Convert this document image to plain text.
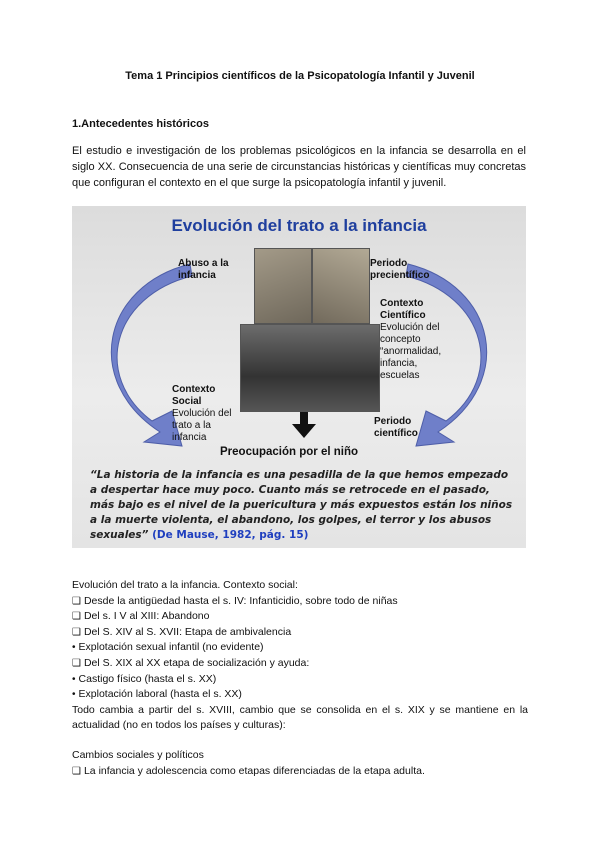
Tema 1 Principios científicos de la Psicopatología Infantil y Juvenil
1.Antecedentes históricos
El estudio e investigación de los problemas psicológicos en la infancia se desarrolla en el siglo XX. Consecuencia de una serie de circunstancias históricas y científicas muy concretas que configuran el contexto en el que surge la psicopatología infantil y juvenil.
Evolución del trato a la infancia
Abuso a la
infancia
Periodo
precientífico
Contexto
Científico
Evolución del
concepto
“anormalidad,
infancia,
escuelas
Contexto
Social
Evolución del
trato a la
infancia
Periodo
científico
Preocupación por el niño
“La historia de la infancia es una pesadilla de la que hemos empezado a despertar hace muy poco. Cuanto más se retrocede en el pasado, más bajo es el nivel de la puericultura y más expuestos están los niños a la muerte violenta, el abandono, los golpes, el terror y los abusos sexuales” (De Mause, 1982, pág. 15)
Evolución del trato a la infancia. Contexto social:
❑ Desde la antigüedad hasta el s. IV: Infanticidio, sobre todo de niñas
❑ Del s. I V al XIII: Abandono
❑ Del S. XIV al S. XVII: Etapa de ambivalencia
• Explotación sexual infantil (no evidente)
❑ Del S. XIX al XX etapa de socialización y ayuda:
• Castigo físico (hasta el s. XX)
• Explotación laboral (hasta el s. XX)
Todo cambia a partir del s. XVIII, cambio que se consolida en el s. XIX y se mantiene en la actualidad (no en todos los países y culturas):
Cambios sociales y políticos
❑ La infancia y adolescencia como etapas diferenciadas de la etapa adulta.
